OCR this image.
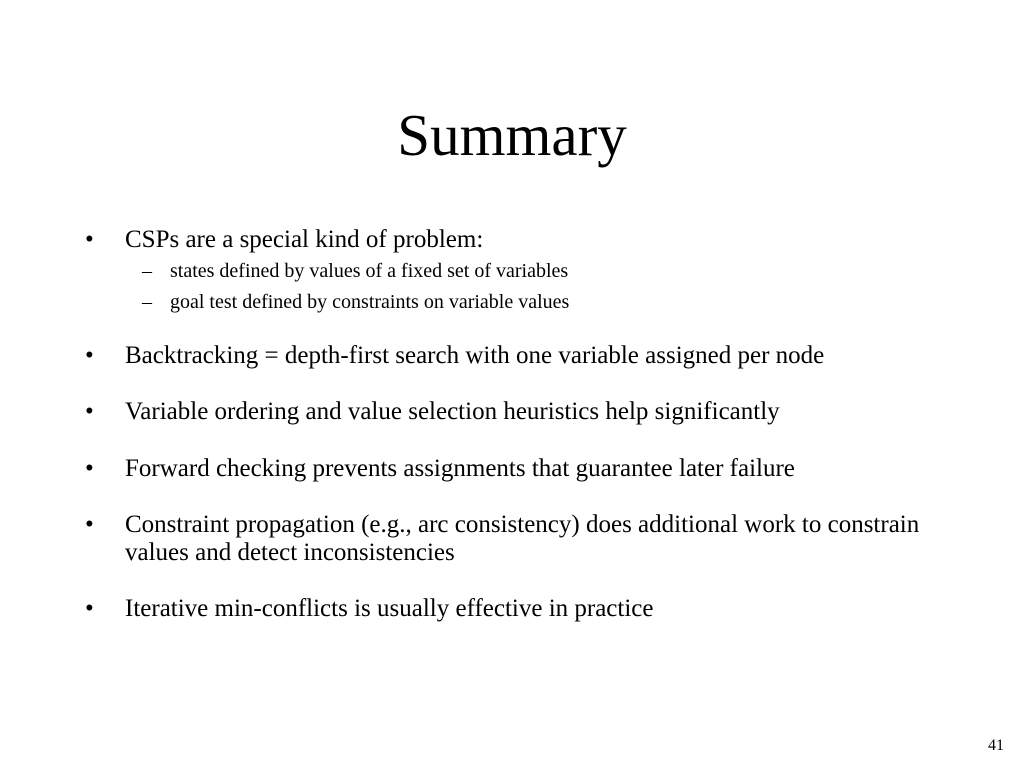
Summary
• CSPs are a special kind of problem:
– states defined by values of a fixed set of variables
– goal test defined by constraints on variable values
• Backtracking = depth-first search with one variable assigned per node
• Variable ordering and value selection heuristics help significantly
• Forward checking prevents assignments that guarantee later failure
• Constraint propagation (e.g., arc consistency) does additional work to constrain values and detect inconsistencies
• Iterative min-conflicts is usually effective in practice
41
